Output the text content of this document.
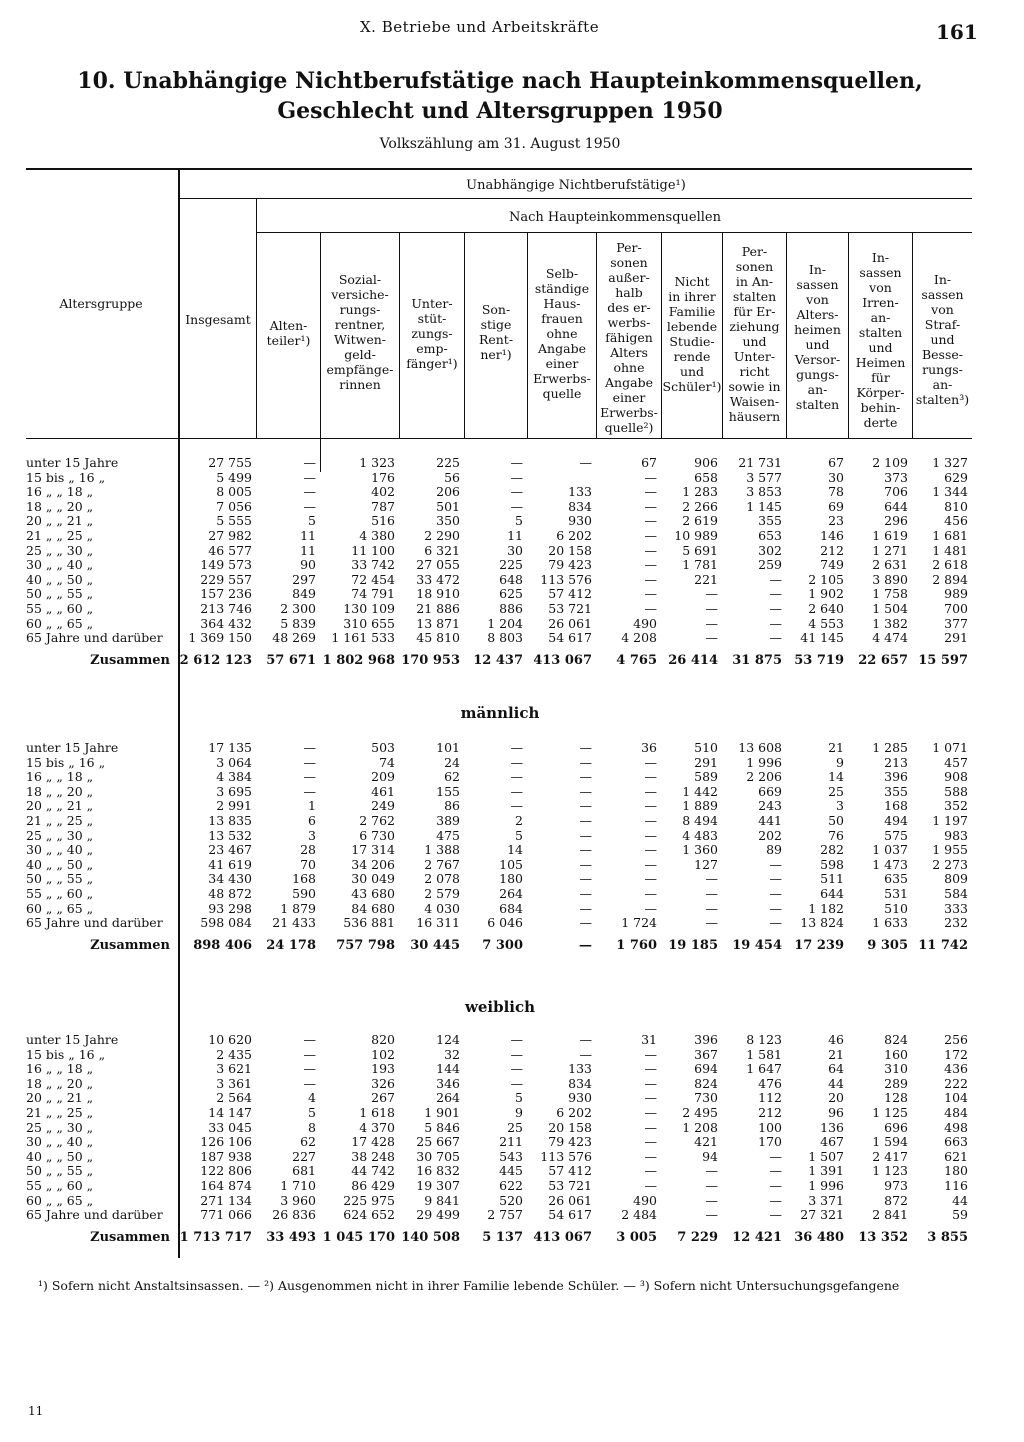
X. Betriebe und Arbeitskräfte	161
10. Unabhängige Nichtberufstätige nach Haupteinkommensquellen,
Geschlecht und Altersgruppen 1950
Volkszählung am 31. August 1950
Altersgruppe
Unabhängige Nichtberufstätige¹)
Nach Haupteinkommensquellen
Insgesamt	Alten-
teiler¹)
Sozial-
versiche-
rungs-
rentner,
Witwen-
geld-
empfänge-
rinnen
Unter-
stüt-
zungs-
emp-
fänger¹)
Son-
stige
Rent-
ner¹)
Selb-
ständige
Haus-
frauen
ohne
Angabe
einer
Erwerbs-
quelle
Per-
sonen
außer-
halb
des er-
werbs-
fähigen
Alters
ohne
Angabe
einer
Erwerbs-
quelle²)
Nicht
in ihrer
Familie
lebende
Studie-
rende
und
Schüler¹)
Per-
sonen
in An-
stalten
für Er-
ziehung
und
Unter-
richt
sowie in
Waisen-
häusern
In-
sassen
von
Alters-
heimen
und
Versor-
gungs-
an-
stalten
In-
sassen
von
Irren-
an-
stalten
und
Heimen
für
Körper-
behin-
derte
In-
sassen
von
Straf-
und
Besse-
rungs-
an-
stalten³)
männlich
weiblich
unter 15 Jahre	27 755	—	1 323	225	—	—	67	906	21 731	67	2 109	1 327
15 bis „ 16 „	5 499	—	176	56	—		—	658	3 577	30	373	629
16 „ „ 18 „	8 005	—	402	206	—	133	—	1 283	3 853	78	706	1 344
18 „ „ 20 „	7 056	—	787	501	—	834	—	2 266	1 145	69	644	810
20 „ „ 21 „	5 555	5	516	350	5	930	—	2 619	355	23	296	456
21 „ „ 25 „	27 982	11	4 380	2 290	11	6 202	—	10 989	653	146	1 619	1 681
25 „ „ 30 „	46 577	11	11 100	6 321	30	20 158	—	5 691	302	212	1 271	1 481
30 „ „ 40 „	149 573	90	33 742	27 055	225	79 423	—	1 781	259	749	2 631	2 618
40 „ „ 50 „	229 557	297	72 454	33 472	648	113 576	—	221	—	2 105	3 890	2 894
50 „ „ 55 „	157 236	849	74 791	18 910	625	57 412	—	—	—	1 902	1 758	989
55 „ „ 60 „	213 746	2 300	130 109	21 886	886	53 721	—	—	—	2 640	1 504	700
60 „ „ 65 „	364 432	5 839	310 655	13 871	1 204	26 061	490	—	—	4 553	1 382	377
65 Jahre und darüber	1 369 150	48 269	1 161 533	45 810	8 803	54 617	4 208	—	—	41 145	4 474	291
Zusammen	2 612 123	57 671	1 802 968	170 953	12 437	413 067	4 765	26 414	31 875	53 719	22 657	15 597
unter 15 Jahre	17 135	—	503	101	—	—	36	510	13 608	21	1 285	1 071
15 bis „ 16 „	3 064	—	74	24	—	—	—	291	1 996	9	213	457
16 „ „ 18 „	4 384	—	209	62	—	—	—	589	2 206	14	396	908
18 „ „ 20 „	3 695	—	461	155	—	—	—	1 442	669	25	355	588
20 „ „ 21 „	2 991	1	249	86	—	—	—	1 889	243	3	168	352
21 „ „ 25 „	13 835	6	2 762	389	2	—	—	8 494	441	50	494	1 197
25 „ „ 30 „	13 532	3	6 730	475	5	—	—	4 483	202	76	575	983
30 „ „ 40 „	23 467	28	17 314	1 388	14	—	—	1 360	89	282	1 037	1 955
40 „ „ 50 „	41 619	70	34 206	2 767	105	—	—	127	—	598	1 473	2 273
50 „ „ 55 „	34 430	168	30 049	2 078	180	—	—	—	—	511	635	809
55 „ „ 60 „	48 872	590	43 680	2 579	264	—	—	—	—	644	531	584
60 „ „ 65 „	93 298	1 879	84 680	4 030	684	—	—	—	—	1 182	510	333
65 Jahre und darüber	598 084	21 433	536 881	16 311	6 046	—	1 724	—	—	13 824	1 633	232
Zusammen	898 406	24 178	757 798	30 445	7 300	—	1 760	19 185	19 454	17 239	9 305	11 742
unter 15 Jahre	10 620	—	820	124	—	—	31	396	8 123	46	824	256
15 bis „ 16 „	2 435	—	102	32	—	—	—	367	1 581	21	160	172
16 „ „ 18 „	3 621	—	193	144	—	133	—	694	1 647	64	310	436
18 „ „ 20 „	3 361	—	326	346	—	834	—	824	476	44	289	222
20 „ „ 21 „	2 564	4	267	264	5	930	—	730	112	20	128	104
21 „ „ 25 „	14 147	5	1 618	1 901	9	6 202	—	2 495	212	96	1 125	484
25 „ „ 30 „	33 045	8	4 370	5 846	25	20 158	—	1 208	100	136	696	498
30 „ „ 40 „	126 106	62	17 428	25 667	211	79 423	—	421	170	467	1 594	663
40 „ „ 50 „	187 938	227	38 248	30 705	543	113 576	—	94	—	1 507	2 417	621
50 „ „ 55 „	122 806	681	44 742	16 832	445	57 412	—	—	—	1 391	1 123	180
55 „ „ 60 „	164 874	1 710	86 429	19 307	622	53 721	—	—	—	1 996	973	116
60 „ „ 65 „	271 134	3 960	225 975	9 841	520	26 061	490	—	—	3 371	872	44
65 Jahre und darüber	771 066	26 836	624 652	29 499	2 757	54 617	2 484	—	—	27 321	2 841	59
Zusammen	1 713 717	33 493	1 045 170	140 508	5 137	413 067	3 005	7 229	12 421	36 480	13 352	3 855
¹) Sofern nicht Anstaltsinsassen. — ²) Ausgenommen nicht in ihrer Familie lebende Schüler. — ³) Sofern nicht Untersuchungsgefangene
11
